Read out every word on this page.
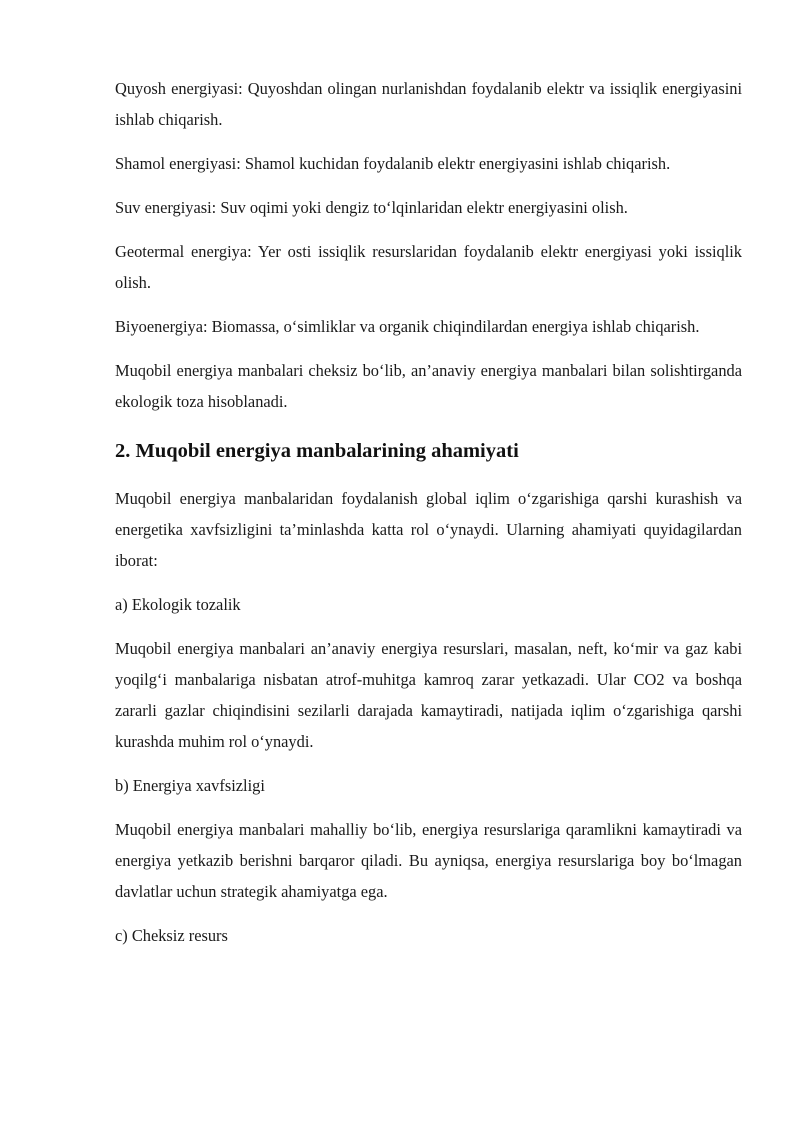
Quyosh energiyasi: Quyoshdan olingan nurlanishdan foydalanib elektr va issiqlik energiyasini ishlab chiqarish.

Shamol energiyasi: Shamol kuchidan foydalanib elektr energiyasini ishlab chiqarish.

Suv energiyasi: Suv oqimi yoki dengiz to‘lqinlaridan elektr energiyasini olish.

Geotermal energiya: Yer osti issiqlik resurslaridan foydalanib elektr energiyasi yoki issiqlik olish.

Biyoenergiya: Biomassa, o‘simliklar va organik chiqindilardan energiya ishlab chiqarish.

Muqobil energiya manbalari cheksiz bo‘lib, an’anaviy energiya manbalari bilan solishtirganda ekologik toza hisoblanadi.

2. Muqobil energiya manbalarining ahamiyati

Muqobil energiya manbalaridan foydalanish global iqlim o‘zgarishiga qarshi kurashish va energetika xavfsizligini ta’minlashda katta rol o‘ynaydi. Ularning ahamiyati quyidagilardan iborat:

a) Ekologik tozalik

Muqobil energiya manbalari an’anaviy energiya resurslari, masalan, neft, ko‘mir va gaz kabi yoqilg‘i manbalariga nisbatan atrof-muhitga kamroq zarar yetkazadi. Ular CO2 va boshqa zararli gazlar chiqindisini sezilarli darajada kamaytiradi, natijada iqlim o‘zgarishiga qarshi kurashda muhim rol o‘ynaydi.

b) Energiya xavfsizligi

Muqobil energiya manbalari mahalliy bo‘lib, energiya resurslariga qaramlikni kamaytiradi va energiya yetkazib berishni barqaror qiladi. Bu ayniqsa, energiya resurslariga boy bo‘lmagan davlatlar uchun strategik ahamiyatga ega.

c) Cheksiz resurs
